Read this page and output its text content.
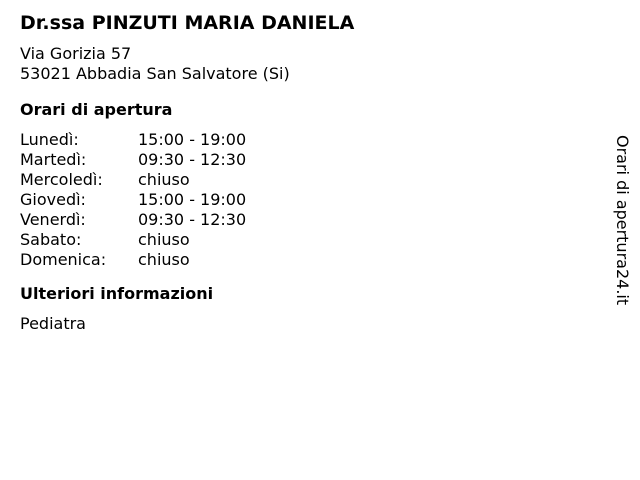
Dr.ssa PINZUTI MARIA DANIELA
Via Gorizia 57
53021 Abbadia San Salvatore (Si)
Orari di apertura
Lunedì:	15:00 - 19:00
Martedì:	09:30 - 12:30
Mercoledì:	chiuso
Giovedì:	15:00 - 19:00
Venerdì:	09:30 - 12:30
Sabato:	chiuso
Domenica:	chiuso
Ulteriori informazioni
Pediatra
Orari di apertura24.it
